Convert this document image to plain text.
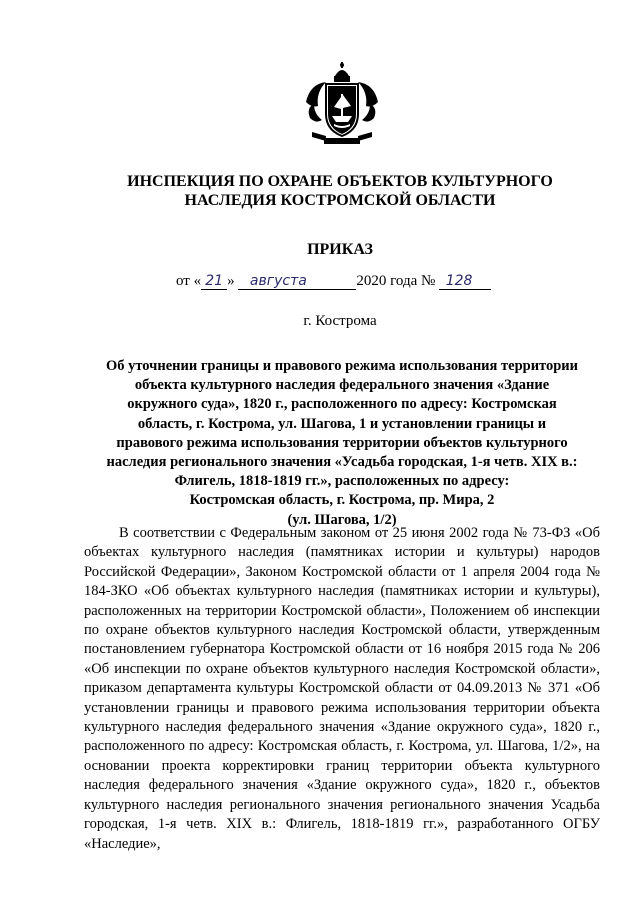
ИНСПЕКЦИЯ ПО ОХРАНЕ ОБЪЕКТОВ КУЛЬТУРНОГО
НАСЛЕДИЯ КОСТРОМСКОЙ ОБЛАСТИ
ПРИКАЗ
от « 21 » августа	2020 года № 128
г. Кострома
Об уточнении границы и правового режима использования территории
объекта культурного наследия федерального значения «Здание
окружного суда», 1820 г., расположенного по адресу: Костромская
область, г. Кострома, ул. Шагова, 1 и установлении границы и
правового режима использования территории объектов культурного
наследия регионального значения «Усадьба городская, 1-я четв. XIX в.:
Флигель, 1818-1819 гг.», расположенных по адресу:
Костромская область, г. Кострома, пр. Мира, 2
(ул. Шагова, 1/2)
В соответствии с Федеральным законом от 25 июня 2002 года № 73-ФЗ «Об объектах культурного наследия (памятниках истории и культуры) народов Российской Федерации», Законом Костромской области от 1 апреля 2004 года № 184-ЗКО «Об объектах культурного наследия (памятниках истории и культуры), расположенных на территории Костромской области», Положением об инспекции по охране объектов культурного наследия Костромской области, утвержденным постановлением губернатора Костромской области от 16 ноября 2015 года № 206 «Об инспекции по охране объектов культурного наследия Костромской области», приказом департамента культуры Костромской области от 04.09.2013 № 371 «Об установлении границы и правового режима использования территории объекта культурного наследия федерального значения «Здание окружного суда», 1820 г., расположенного по адресу: Костромская область, г. Кострома, ул. Шагова, 1/2», на основании проекта корректировки границ территории объекта культурного наследия федерального значения «Здание окружного суда», 1820 г., объектов культурного наследия регионального значения регионального значения Усадьба городская, 1-я четв. XIX в.: Флигель, 1818-1819 гг.», разработанного ОГБУ «Наследие»,
